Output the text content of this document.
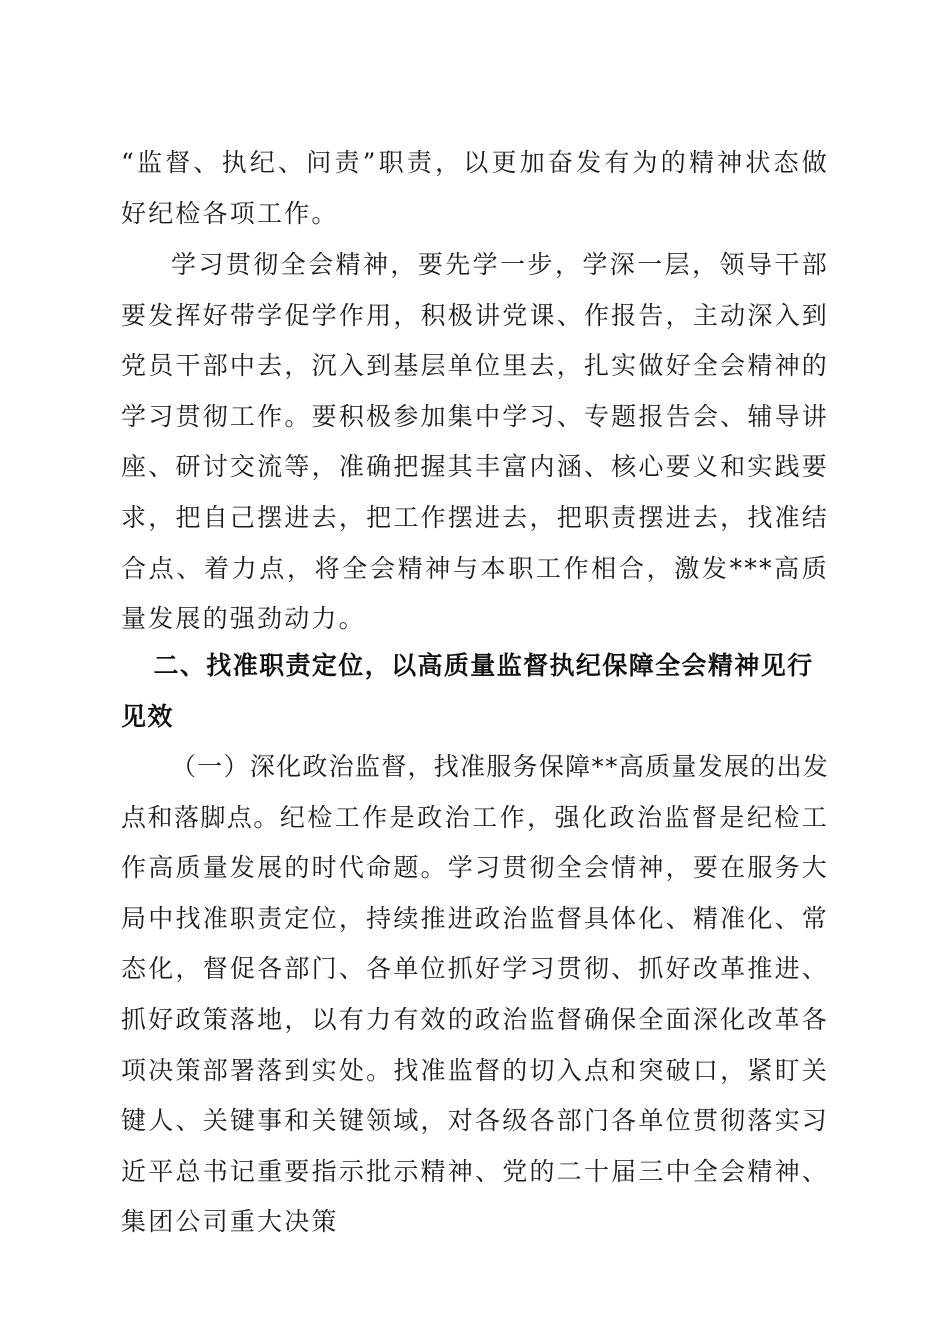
“监督、执纪、问责”职责，以更加奋发有为的精神状态做好纪检各项工作。

学习贯彻全会精神，要先学一步，学深一层，领导干部要发挥好带学促学作用，积极讲党课、作报告，主动深入到党员干部中去，沉入到基层单位里去，扎实做好全会精神的学习贯彻工作。要积极参加集中学习、专题报告会、辅导讲座、研讨交流等，准确把握其丰富内涵、核心要义和实践要求，把自己摆进去，把工作摆进去，把职责摆进去，找准结合点、着力点，将全会精神与本职工作相合，激发***高质量发展的强劲动力。

二、找准职责定位，以高质量监督执纪保障全会精神见行见效

（一）深化政治监督，找准服务保障**高质量发展的出发点和落脚点。纪检工作是政治工作，强化政治监督是纪检工作高质量发展的时代命题。学习贯彻全会情神，要在服务大局中找准职责定位，持续推进政治监督具体化、精准化、常态化，督促各部门、各单位抓好学习贯彻、抓好改革推进、抓好政策落地，以有力有效的政治监督确保全面深化改革各项决策部署落到实处。找准监督的切入点和突破口，紧盯关键人、关键事和关键领域，对各级各部门各单位贯彻落实习近平总书记重要指示批示精神、党的二十届三中全会精神、集团公司重大决策
